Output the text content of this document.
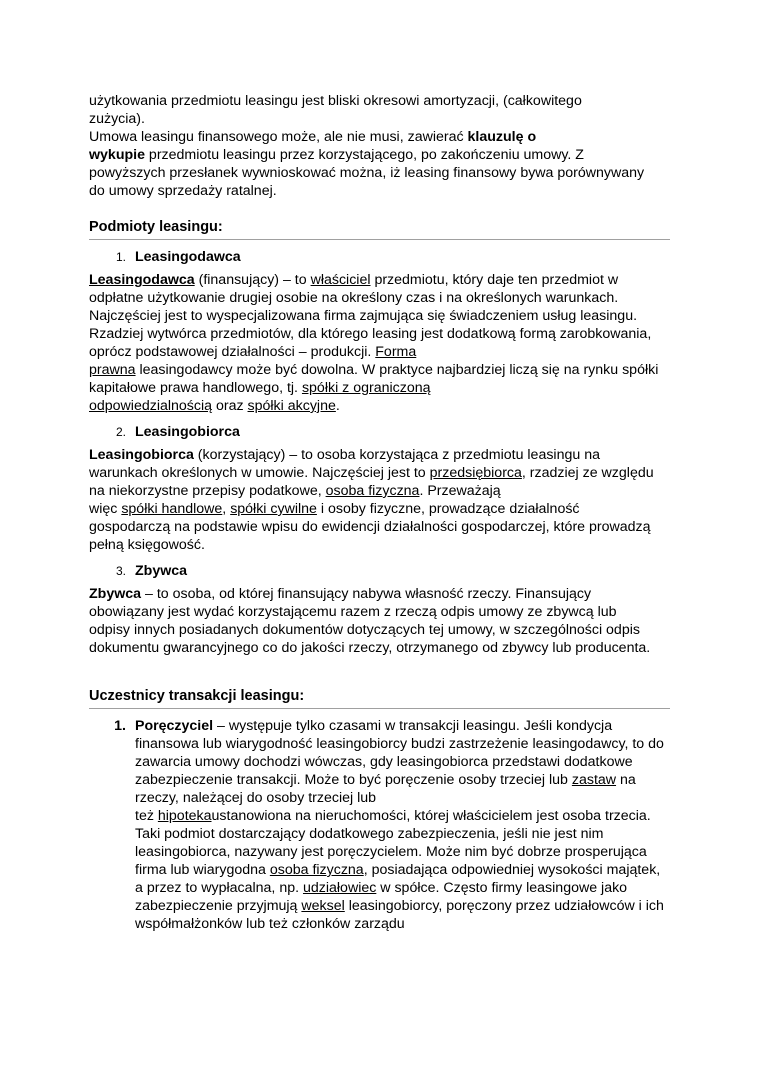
użytkowania przedmiotu leasingu jest bliski okresowi amortyzacji, (całkowitego

zużycia).

Umowa leasingu finansowego może, ale nie musi, zawierać klauzulę o
wykupie przedmiotu leasingu przez korzystającego, po zakończeniu umowy. Z powyższych przesłanek wywnioskować można, iż leasing finansowy bywa porównywany do umowy sprzedaży ratalnej.

Podmioty leasingu:
1. Leasingodawca

Leasingodawca (finansujący) – to właściciel przedmiotu, który daje ten przedmiot w odpłatne użytkowanie drugiej osobie na określony czas i na określonych warunkach. Najczęściej jest to wyspecjalizowana firma zajmująca się świadczeniem usług leasingu. Rzadziej wytwórca przedmiotów, dla którego leasing jest dodatkową formą zarobkowania, oprócz podstawowej działalności – produkcji. Forma
prawna leasingodawcy może być dowolna. W praktyce najbardziej liczą się na rynku spółki kapitałowe prawa handlowego, tj. spółki z ograniczoną
odpowiedzialnością oraz spółki akcyjne.

2. Leasingobiorca

Leasingobiorca (korzystający) – to osoba korzystająca z przedmiotu leasingu na warunkach określonych w umowie. Najczęściej jest to przedsiębiorca, rzadziej ze względu na niekorzystne przepisy podatkowe, osoba fizyczna. Przeważają
więc spółki handlowe, spółki cywilne i osoby fizyczne, prowadzące działalność gospodarczą na podstawie wpisu do ewidencji działalności gospodarczej, które prowadzą pełną księgowość.

3. Zbywca

Zbywca – to osoba, od której finansujący nabywa własność rzeczy. Finansujący obowiązany jest wydać korzystającemu razem z rzeczą odpis umowy ze zbywcą lub odpisy innych posiadanych dokumentów dotyczących tej umowy, w szczególności odpis dokumentu gwarancyjnego co do jakości rzeczy, otrzymanego od zbywcy lub producenta.

Uczestnicy transakcji leasingu:
1. Poręczyciel – występuje tylko czasami w transakcji leasingu. Jeśli kondycja finansowa lub wiarygodność leasingobiorcy budzi zastrzeżenie leasingodawcy, to do zawarcia umowy dochodzi wówczas, gdy leasingobiorca przedstawi dodatkowe zabezpieczenie transakcji. Może to być poręczenie osoby trzeciej lub zastaw na rzeczy, należącej do osoby trzeciej lub
też hipotekaustanowiona na nieruchomości, której właścicielem jest osoba trzecia. Taki podmiot dostarczający dodatkowego zabezpieczenia, jeśli nie jest nim leasingobiorca, nazywany jest poręczycielem. Może nim być dobrze prosperująca firma lub wiarygodna osoba fizyczna, posiadająca odpowiedniej wysokości majątek, a przez to wypłacalna, np. udziałowiec w spółce. Często firmy leasingowe jako zabezpieczenie przyjmują weksel leasingobiorcy, poręczony przez udziałowców i ich współmałżonków lub też członków zarządu
